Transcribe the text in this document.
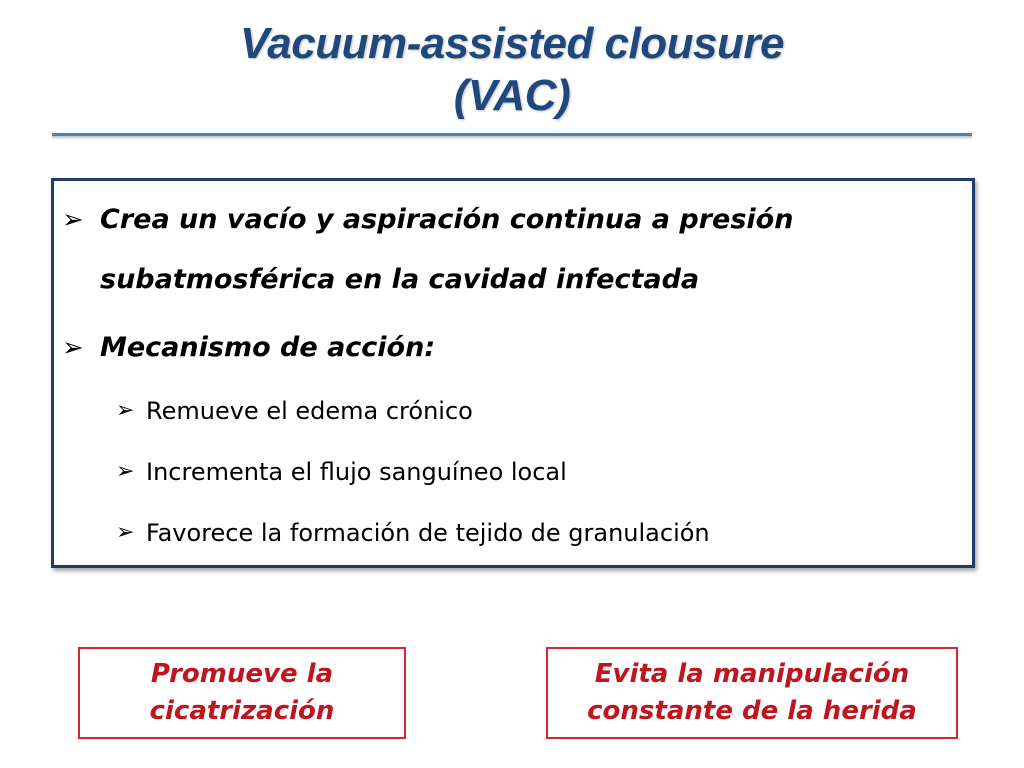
Vacuum-assisted clousure
(VAC)
➢ Crea un vacío y aspiración continua a presión
subatmosférica en la cavidad infectada
➢ Mecanismo de acción:
➢ Remueve el edema crónico
➢ Incrementa el flujo sanguíneo local
➢ Favorece la formación de tejido de granulación
Promueve la
cicatrización
Evita la manipulación
constante de la herida
